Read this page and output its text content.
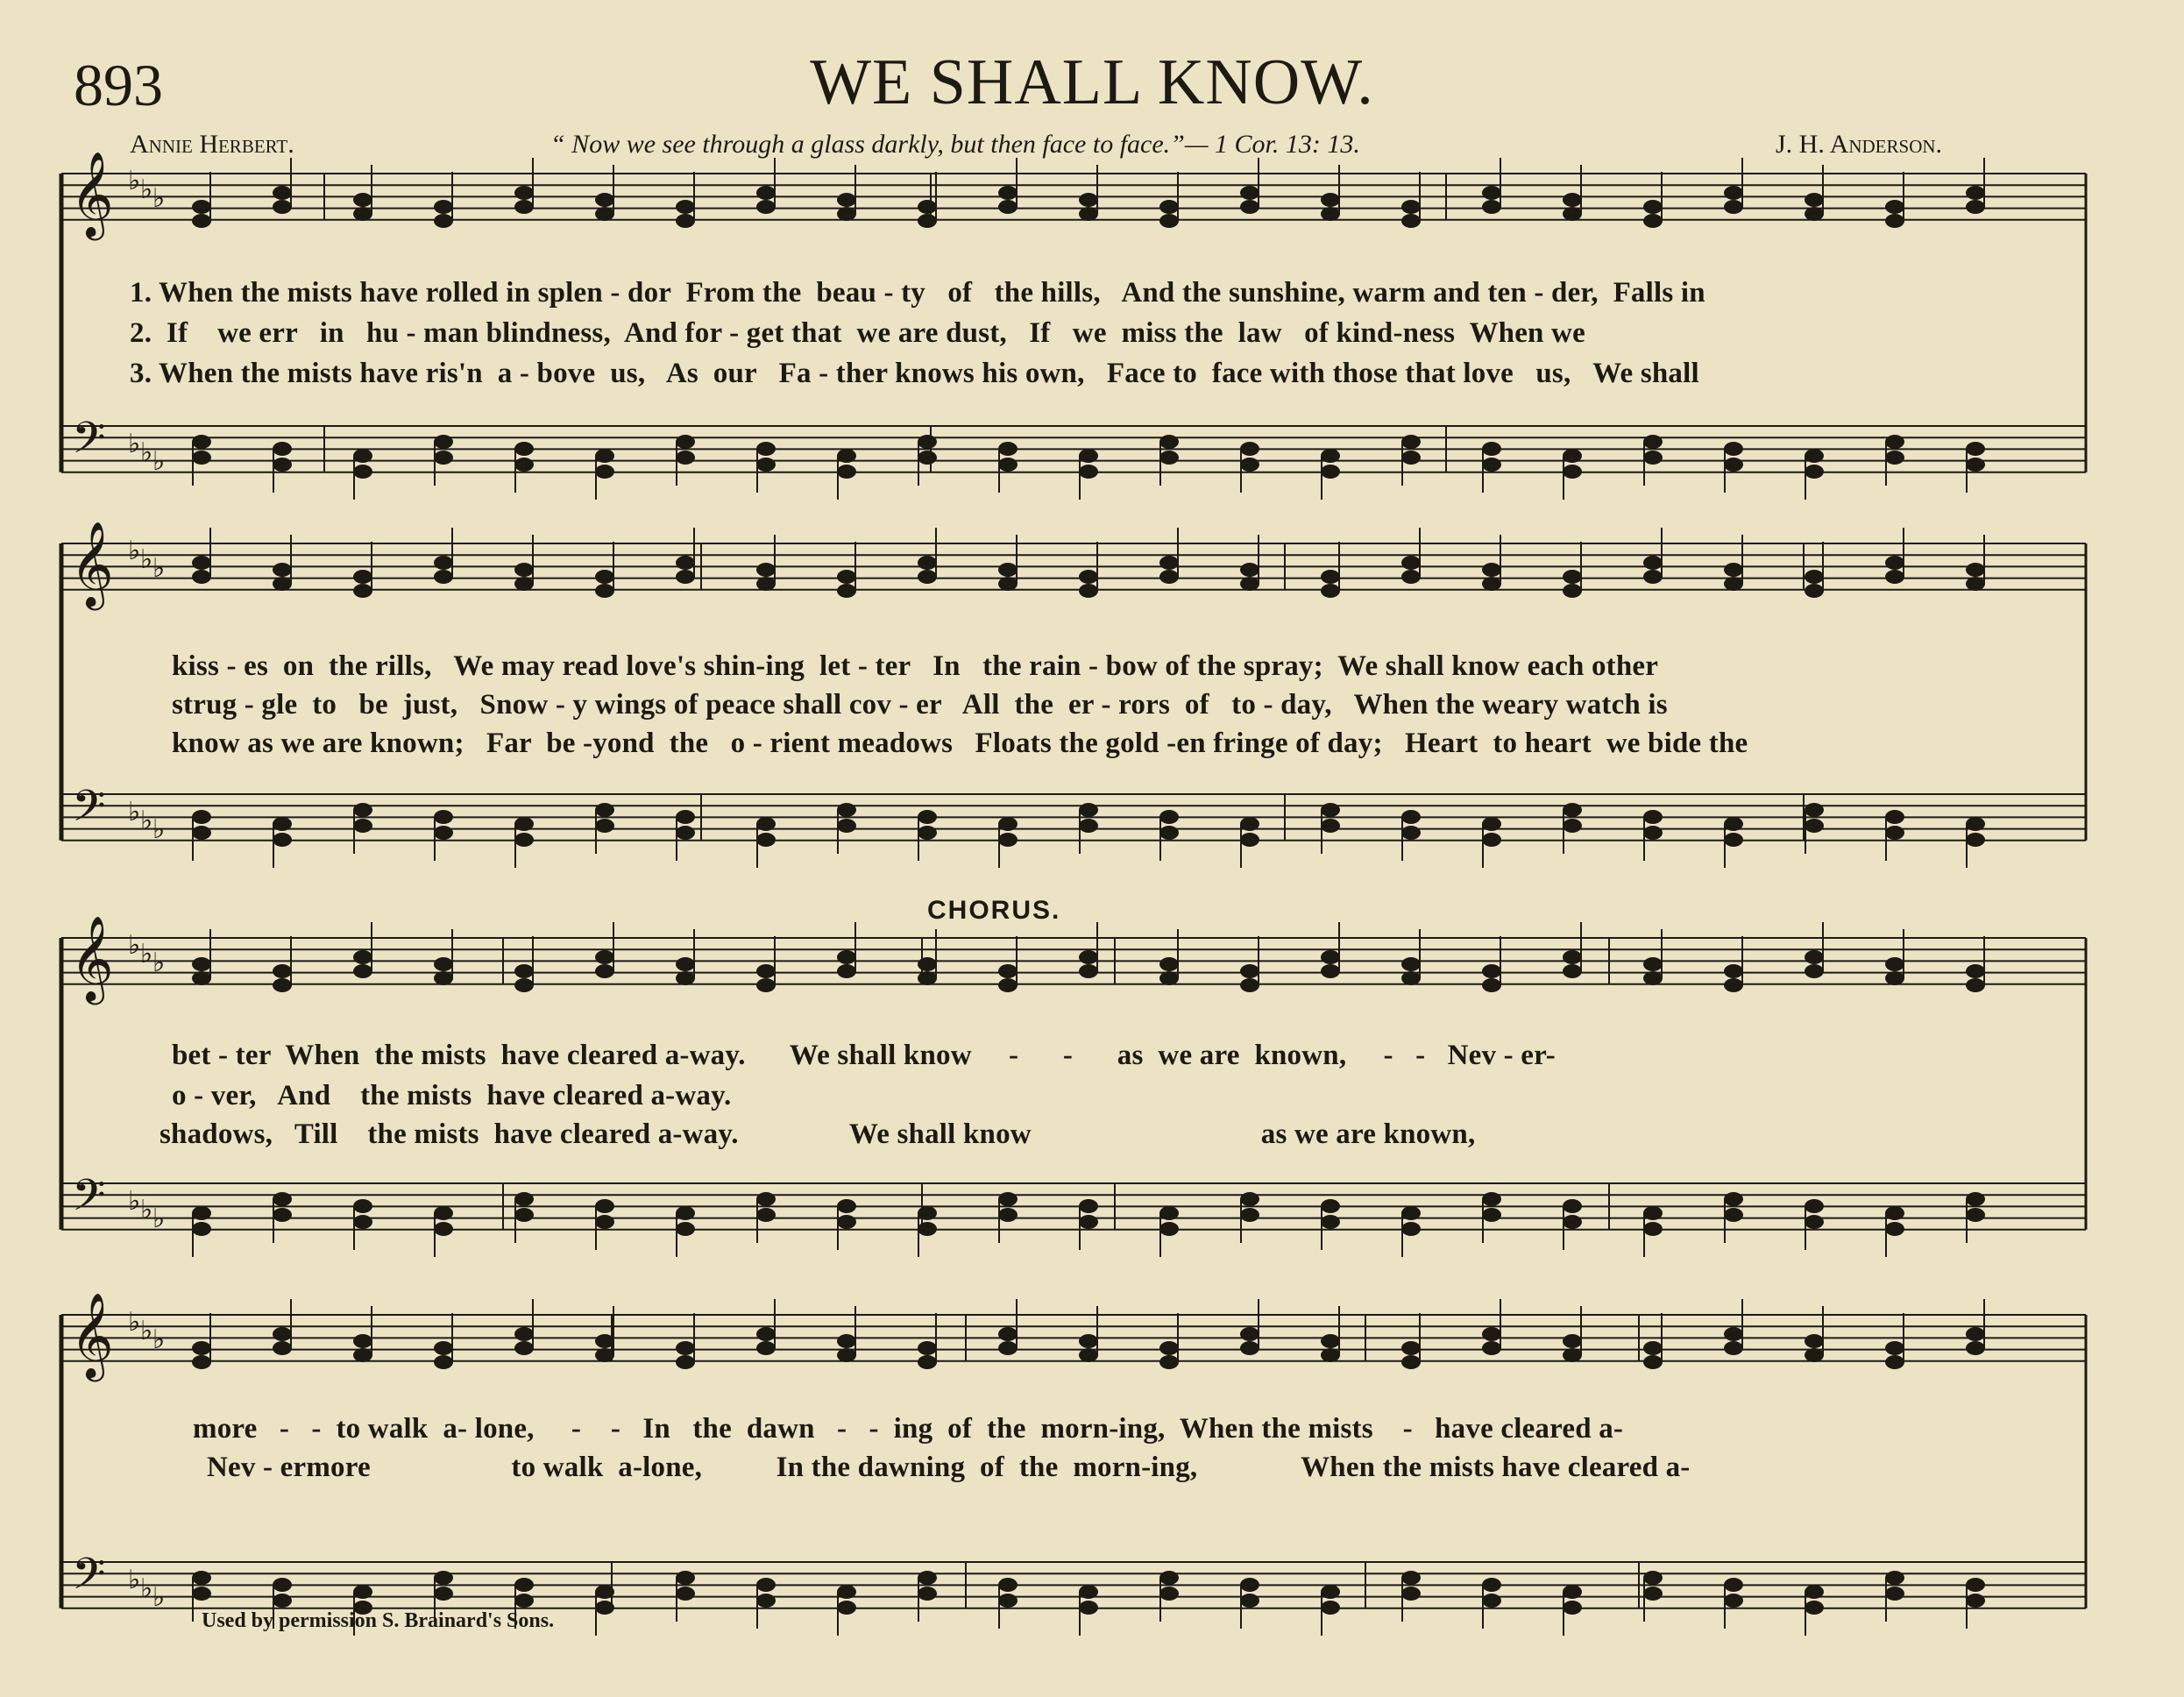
893	WE SHALL KNOW.
Annie Herbert.	“ Now we see through a glass darkly, but then face to face.”— 1 Cor. 13: 13.	J. H. Anderson.
𝄞
𝄢
♭
♭
♭
♭
♭
♭
𝄞
𝄢
♭
♭
♭
♭
♭
♭
𝄞
𝄢
♭
♭
♭
♭
♭
♭
𝄞
𝄢
♭
♭
♭
♭
♭
♭
1. When the mists have rolled in splen - dor  From the  beau - ty   of   the hills,   And the sunshine, warm and ten - der,  Falls in
2.  If    we err   in   hu - man blindness,  And for - get that  we are dust,   If   we  miss the  law   of kind-ness  When we
3. When the mists have ris'n  a - bove  us,   As  our   Fa - ther knows his own,   Face to  face with those that love   us,   We shall
kiss - es  on  the rills,   We may read love's shin-ing  let - ter   In   the rain - bow of the spray;  We shall know each other
strug - gle  to   be  just,   Snow - y wings of peace shall cov - er   All  the  er - rors  of   to - day,   When the weary watch is
know as we are known;   Far  be -yond  the   o - rient meadows   Floats the gold -en fringe of day;   Heart  to heart  we bide the
CHORUS.
bet - ter  When  the mists  have cleared a-way.      We shall know     -      -      as  we are  known,     -   -   Nev - er-
o - ver,   And    the mists  have cleared a-way.
shadows,   Till    the mists  have cleared a-way.               We shall know                               as we are known,
more   -   -  to walk  a- lone,     -    -   In   the  dawn   -   -  ing  of  the  morn-ing,  When the mists    -   have cleared a-
Nev - ermore                   to walk  a-lone,          In the dawning  of  the  morn-ing,              When the mists have cleared a-
Used by permission S. Brainard's Sons.
